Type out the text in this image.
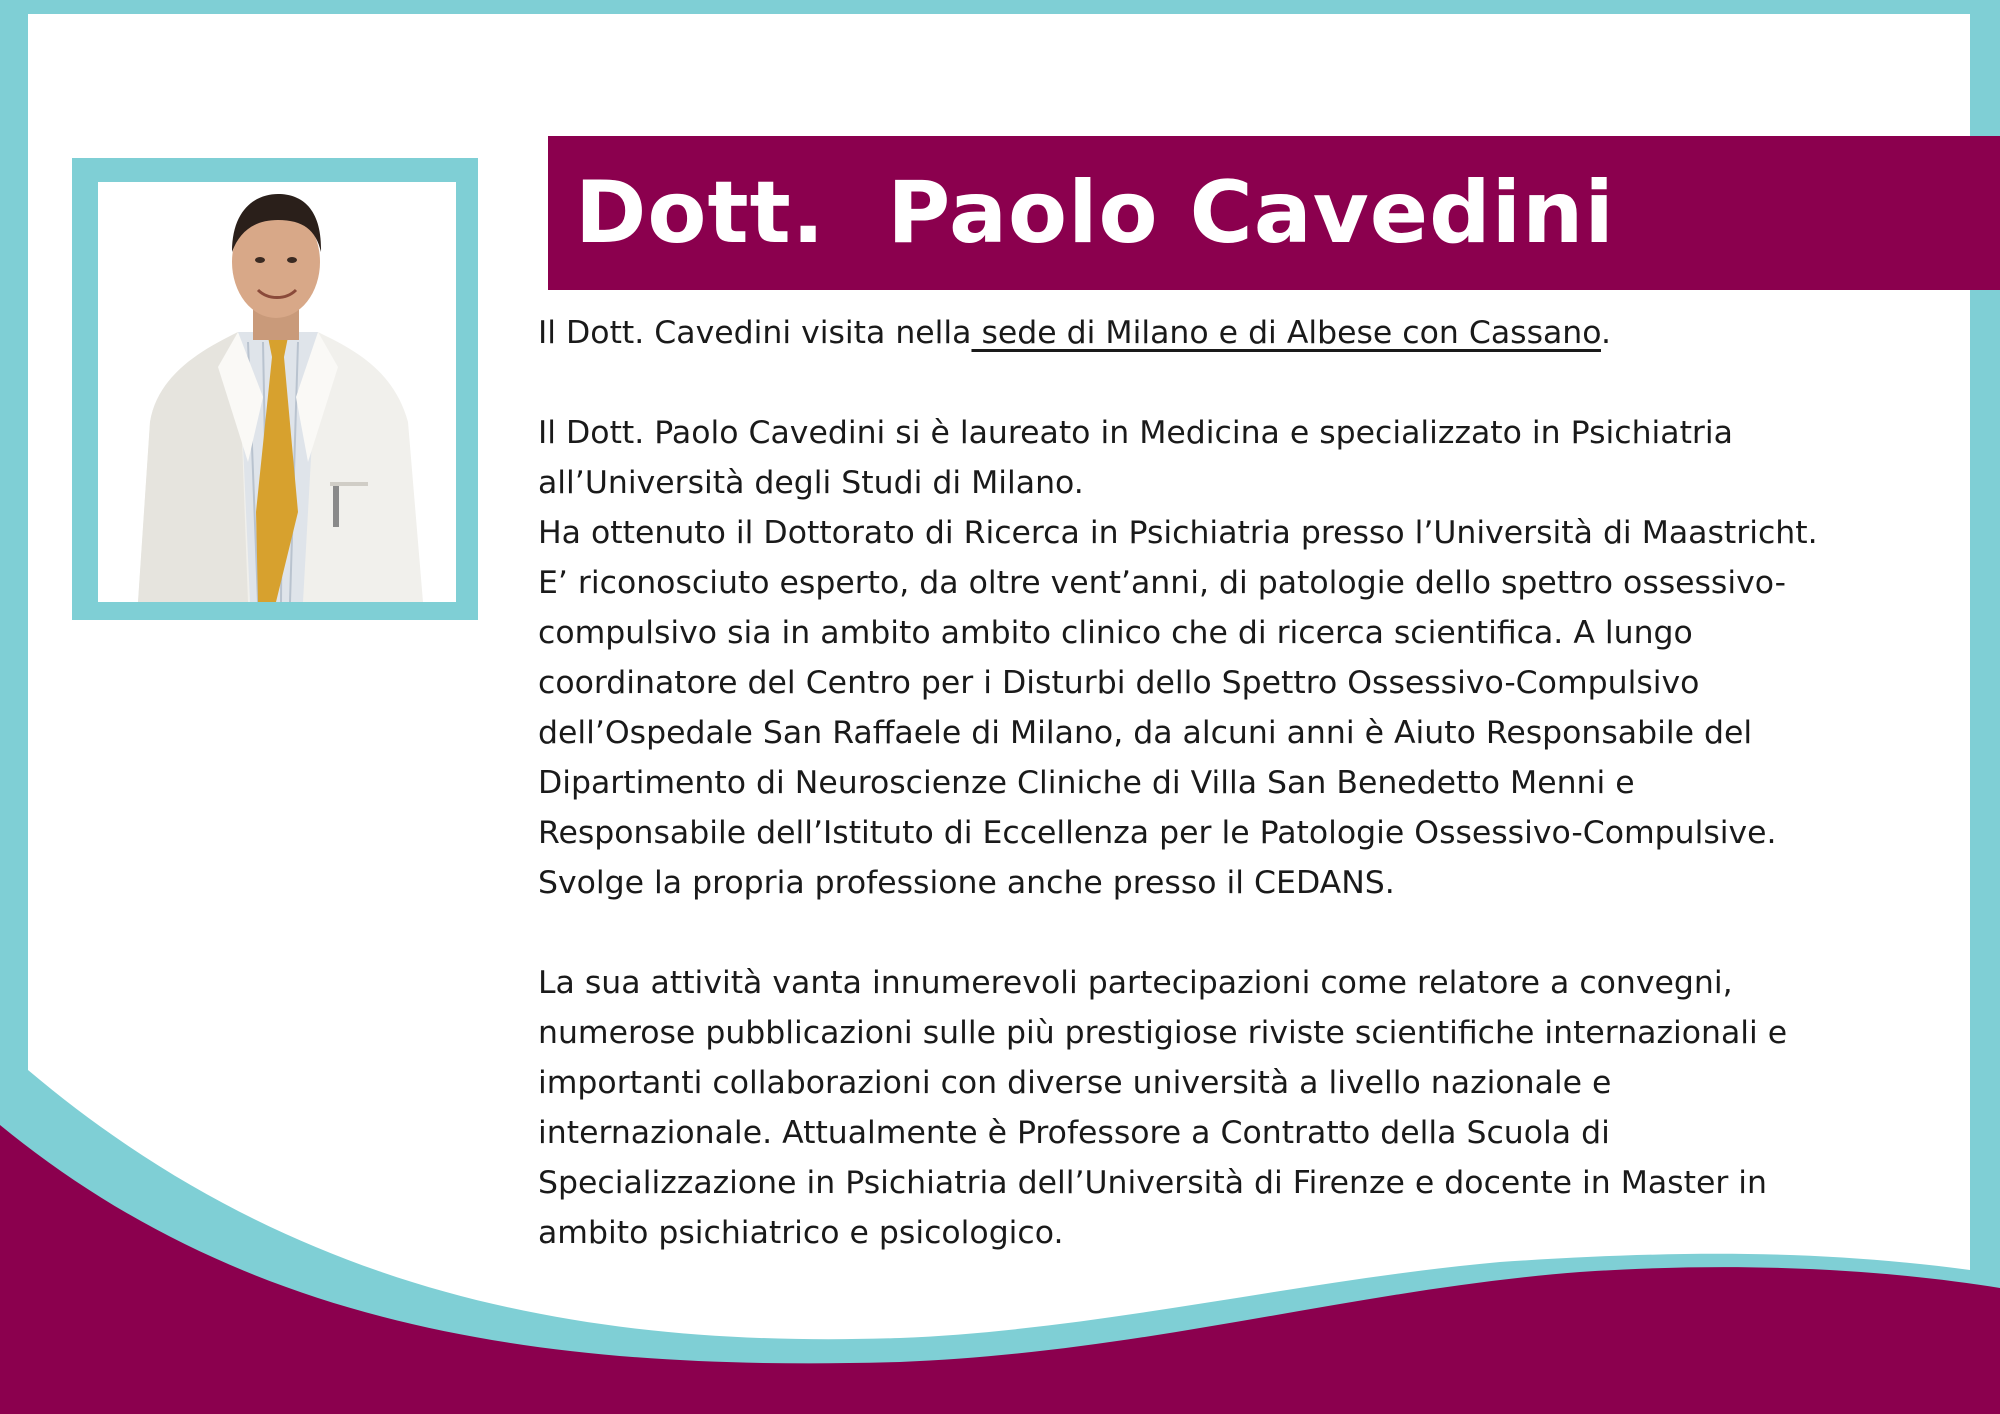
Dott.  Paolo Cavedini

Il Dott. Cavedini visita nella sede di Milano e di Albese con Cassano.

Il Dott. Paolo Cavedini si è laureato in Medicina e specializzato in Psichiatria

all’Università degli Studi di Milano.

Ha ottenuto il Dottorato di Ricerca in Psichiatria presso l’Università di Maastricht.

E’ riconosciuto esperto, da oltre vent’anni, di patologie dello spettro ossessivo-

compulsivo sia in ambito ambito clinico che di ricerca scientifica. A lungo

coordinatore del Centro per i Disturbi dello Spettro Ossessivo-Compulsivo

dell’Ospedale San Raffaele di Milano, da alcuni anni è Aiuto Responsabile del

Dipartimento di Neuroscienze Cliniche di Villa San Benedetto Menni e

Responsabile dell’Istituto di Eccellenza per le Patologie Ossessivo-Compulsive.

Svolge la propria professione anche presso il CEDANS.

La sua attività vanta innumerevoli partecipazioni come relatore a convegni,

numerose pubblicazioni sulle più prestigiose riviste scientifiche internazionali e

importanti collaborazioni con diverse università a livello nazionale e

internazionale. Attualmente è Professore a Contratto della Scuola di

Specializzazione in Psichiatria dell’Università di Firenze e docente in Master in

ambito psichiatrico e psicologico.
